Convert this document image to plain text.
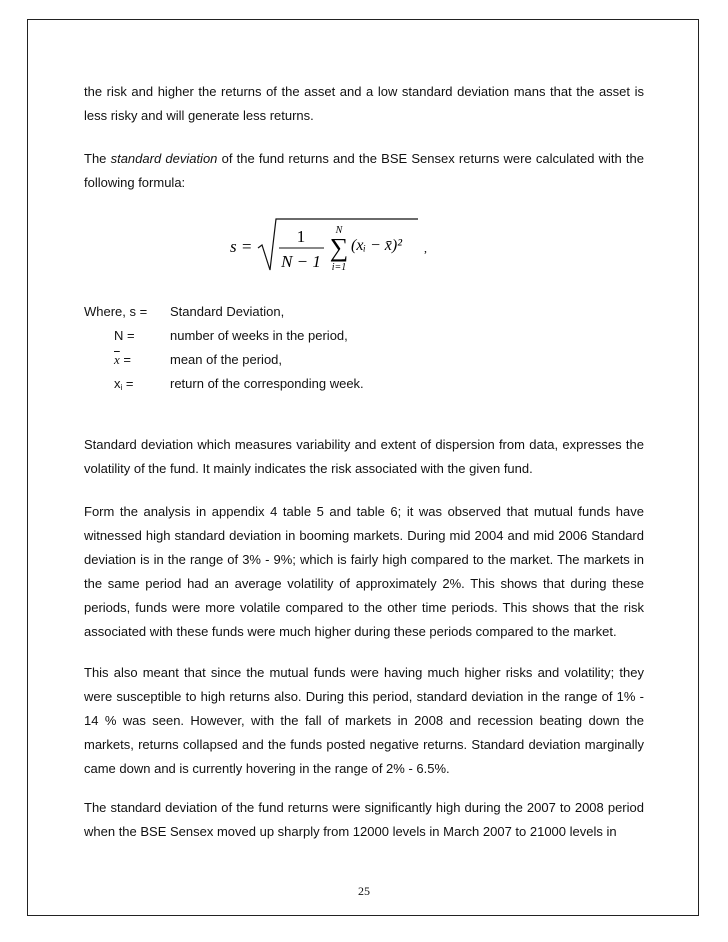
the risk and higher the returns of the asset and a low standard deviation mans that the asset is less risky and will generate less returns.
The standard deviation of the fund returns and the BSE Sensex returns were calculated with the following formula:
s =
1
N − 1
N
∑
i=1
(xᵢ − x̄)² ,
Where, s =	Standard Deviation,
N =	number of weeks in the period,
$\overline{x}$ =	mean of the period,
$x_i$ =	return of the corresponding week.
Standard deviation which measures variability and extent of dispersion from data, expresses the volatility of the fund. It mainly indicates the risk associated with the given fund.
Form the analysis in appendix 4 table 5 and table 6; it was observed that mutual funds have witnessed high standard deviation in booming markets. During mid 2004 and mid 2006 Standard deviation is in the range of 3% - 9%; which is fairly high compared to the market. The markets in the same period had an average volatility of approximately 2%. This shows that during these periods, funds were more volatile compared to the other time periods. This shows that the risk associated with these funds were much higher during these periods compared to the market.
This also meant that since the mutual funds were having much higher risks and volatility; they were susceptible to high returns also. During this period, standard deviation in the range of 1% - 14 % was seen. However, with the fall of markets in 2008 and recession beating down the markets, returns collapsed and the funds posted negative returns. Standard deviation marginally came down and is currently hovering in the range of 2% - 6.5%.
The standard deviation of the fund returns were significantly high during the 2007 to 2008 period when the BSE Sensex moved up sharply from 12000 levels in March 2007 to 21000 levels in
25
